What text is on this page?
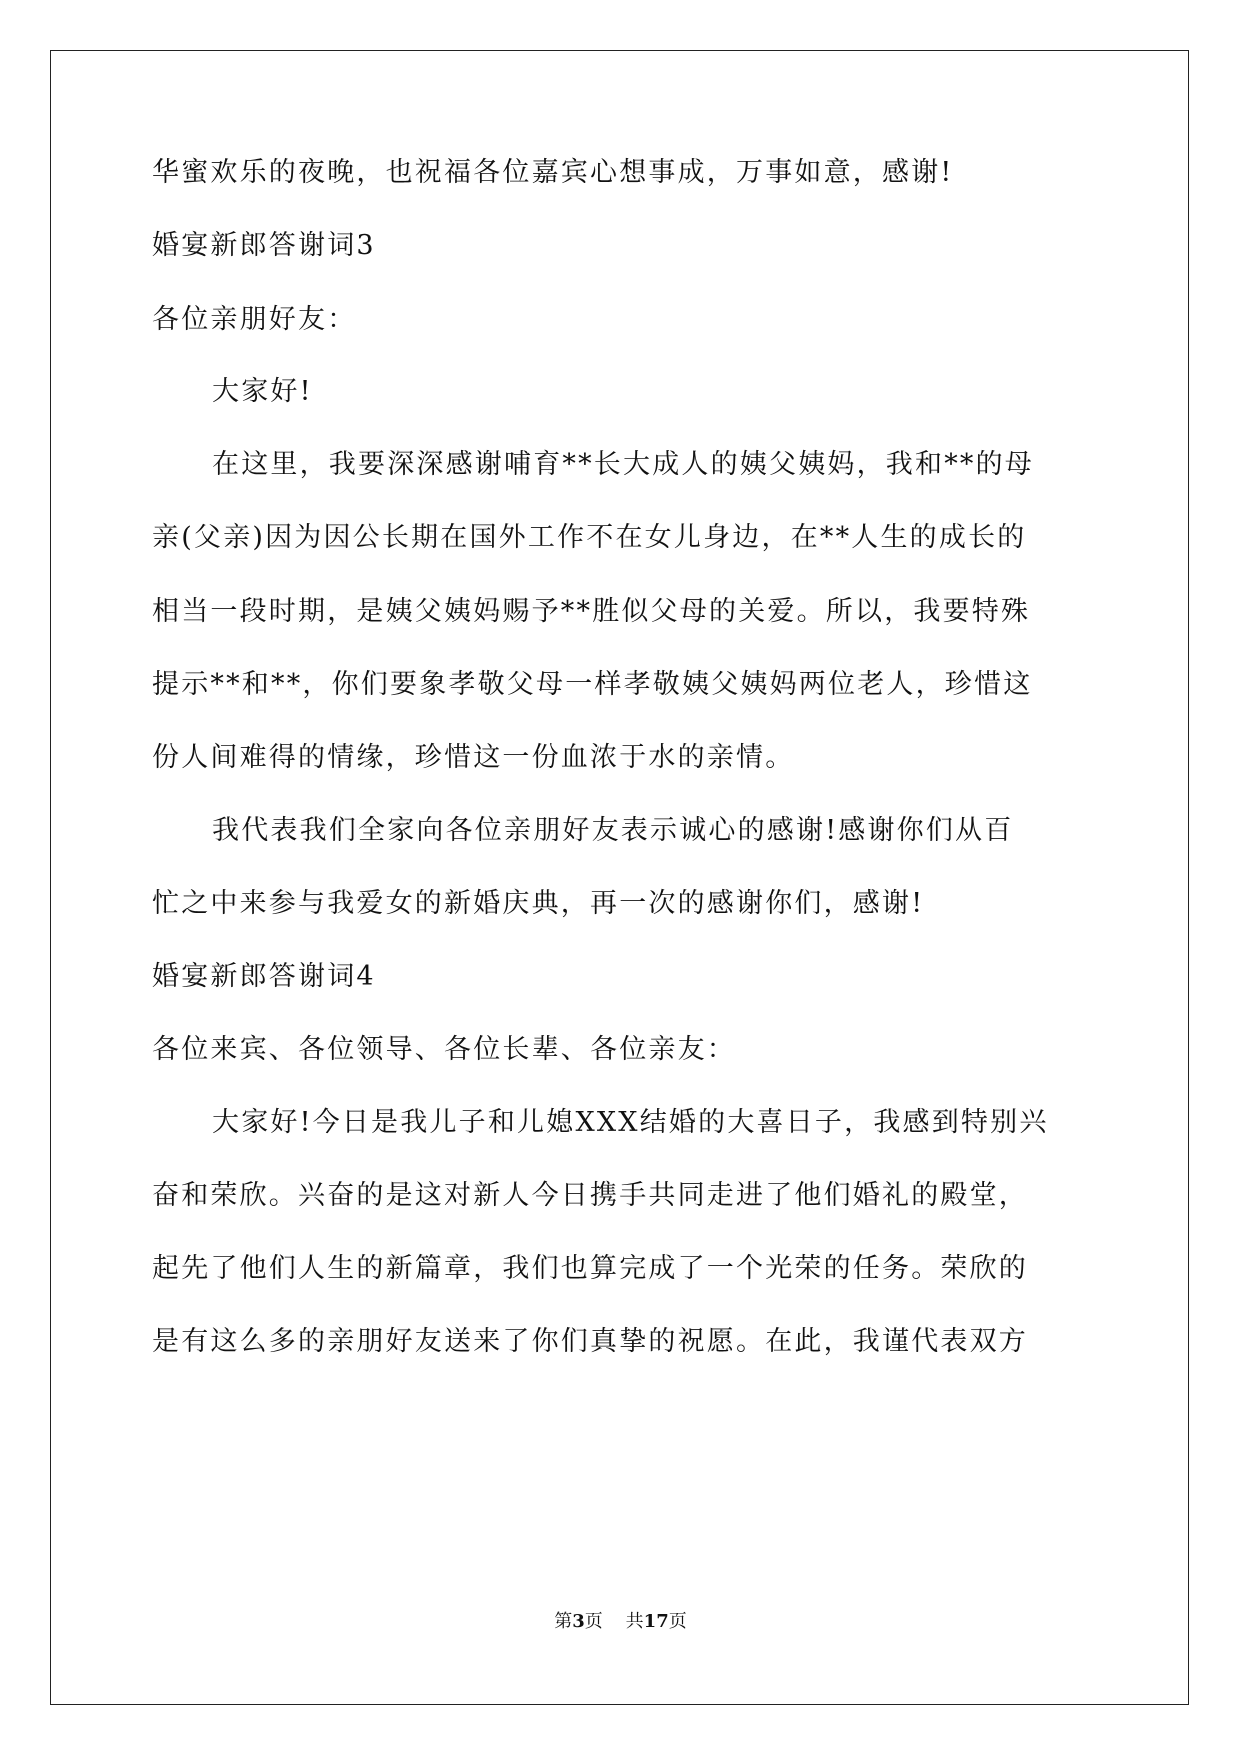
华蜜欢乐的夜晚，也祝福各位嘉宾心想事成，万事如意，感谢!
婚宴新郎答谢词3
各位亲朋好友：
大家好!
在这里，我要深深感谢哺育**长大成人的姨父姨妈，我和**的母
亲(父亲)因为因公长期在国外工作不在女儿身边，在**人生的成长的
相当一段时期，是姨父姨妈赐予**胜似父母的关爱。所以，我要特殊
提示**和**，你们要象孝敬父母一样孝敬姨父姨妈两位老人，珍惜这
份人间难得的情缘，珍惜这一份血浓于水的亲情。
我代表我们全家向各位亲朋好友表示诚心的感谢!感谢你们从百
忙之中来参与我爱女的新婚庆典，再一次的感谢你们，感谢!
婚宴新郎答谢词4
各位来宾、各位领导、各位长辈、各位亲友：
大家好!今日是我儿子和儿媳XXX结婚的大喜日子，我感到特别兴
奋和荣欣。兴奋的是这对新人今日携手共同走进了他们婚礼的殿堂，
起先了他们人生的新篇章，我们也算完成了一个光荣的任务。荣欣的
是有这么多的亲朋好友送来了你们真挚的祝愿。在此，我谨代表双方
第3页 共17页
